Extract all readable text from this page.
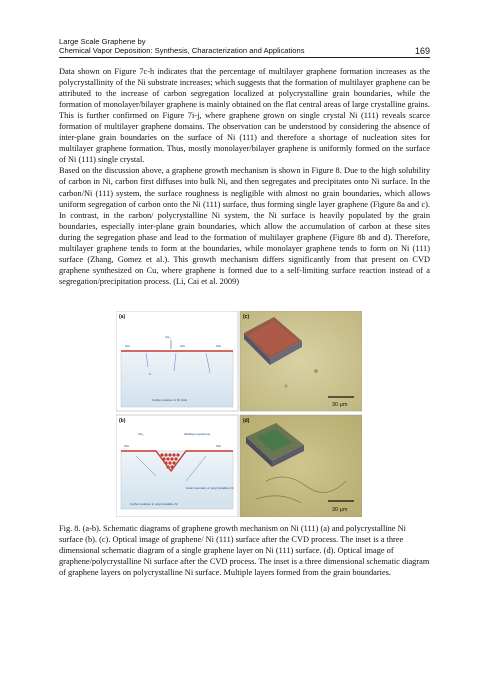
Large Scale Graphene by
Chemical Vapor Deposition: Synthesis, Characterization and Applications	169

Data shown on Figure 7c-h indicates that the percentage of multilayer graphene formation increases as the polycrystallinity of the Ni substrate increases; which suggests that the formation of multilayer graphene can be attributed to the increase of carbon segregation localized at polycrystalline grain boundaries, while the formation of monolayer/bilayer graphene is mainly obtained on the flat central areas of large crystalline grains. This is further confirmed on Figure 7i-j, where graphene grown on single crystal Ni (111) reveals scarce formation of multilayer graphene domains. The observation can be understood by considering the absence of inter-plane grain boundaries on the surface of Ni (111) and therefore a shortage of nucleation sites for multilayer graphene formation. Thus, mostly monolayer/bilayer graphene is uniformly formed on the surface of Ni (111) single crystal.

Based on the discussion above, a graphene growth mechanism is shown in Figure 8. Due to the high solubility of carbon in Ni, carbon first diffuses into bulk Ni, and then segregates and precipitates onto Ni surface. In the carbon/Ni (111) system, the surface roughness is negligible with almost no grain boundaries, which allows uniform segregation of carbon onto the Ni (111) surface, thus forming single layer graphene (Figure 8a and c). In contrast, in the carbon/ polycrystalline Ni system, the Ni surface is heavily populated by the grain boundaries, especially inter-plane grain boundaries, which allow the accumulation of carbon at these sites during the segregation phase and lead to the formation of multilayer graphene (Figure 8b and d). Therefore, multilayer graphene tends to form at the boundaries, while monolayer graphene tends to form on Ni (111) surface (Zhang, Gomez et al.). This growth mechanism differs significantly from that present on CVD graphene synthesized on Cu, where graphene is formed due to a self-limiting surface reaction instead of a segregation/precipitation process. (Li, Cai et al. 2009)

(a)
CH₄
SiG	SiG	SiG
C
Carbon solution in Ni (111)
(c)
30 μm
(b)
CH₄
SiG	SiG
Multilayer graphene
Grain boundary of polycrystalline Ni
Carbon solution in polycrystalline Ni
(d)
30 μm
Fig. 8. (a-b). Schematic diagrams of graphene growth mechanism on Ni (111) (a) and polycrystalline Ni surface (b). (c). Optical image of graphene/ Ni (111) surface after the CVD process. The inset is a three dimensional schematic diagram of a single graphene layer on Ni (111) surface. (d). Optical image of graphene/polycrystalline Ni surface after the CVD process. The inset is a three dimensional schematic diagram of graphene layers on polycrystalline Ni surface. Multiple layers formed from the grain boundaries.
